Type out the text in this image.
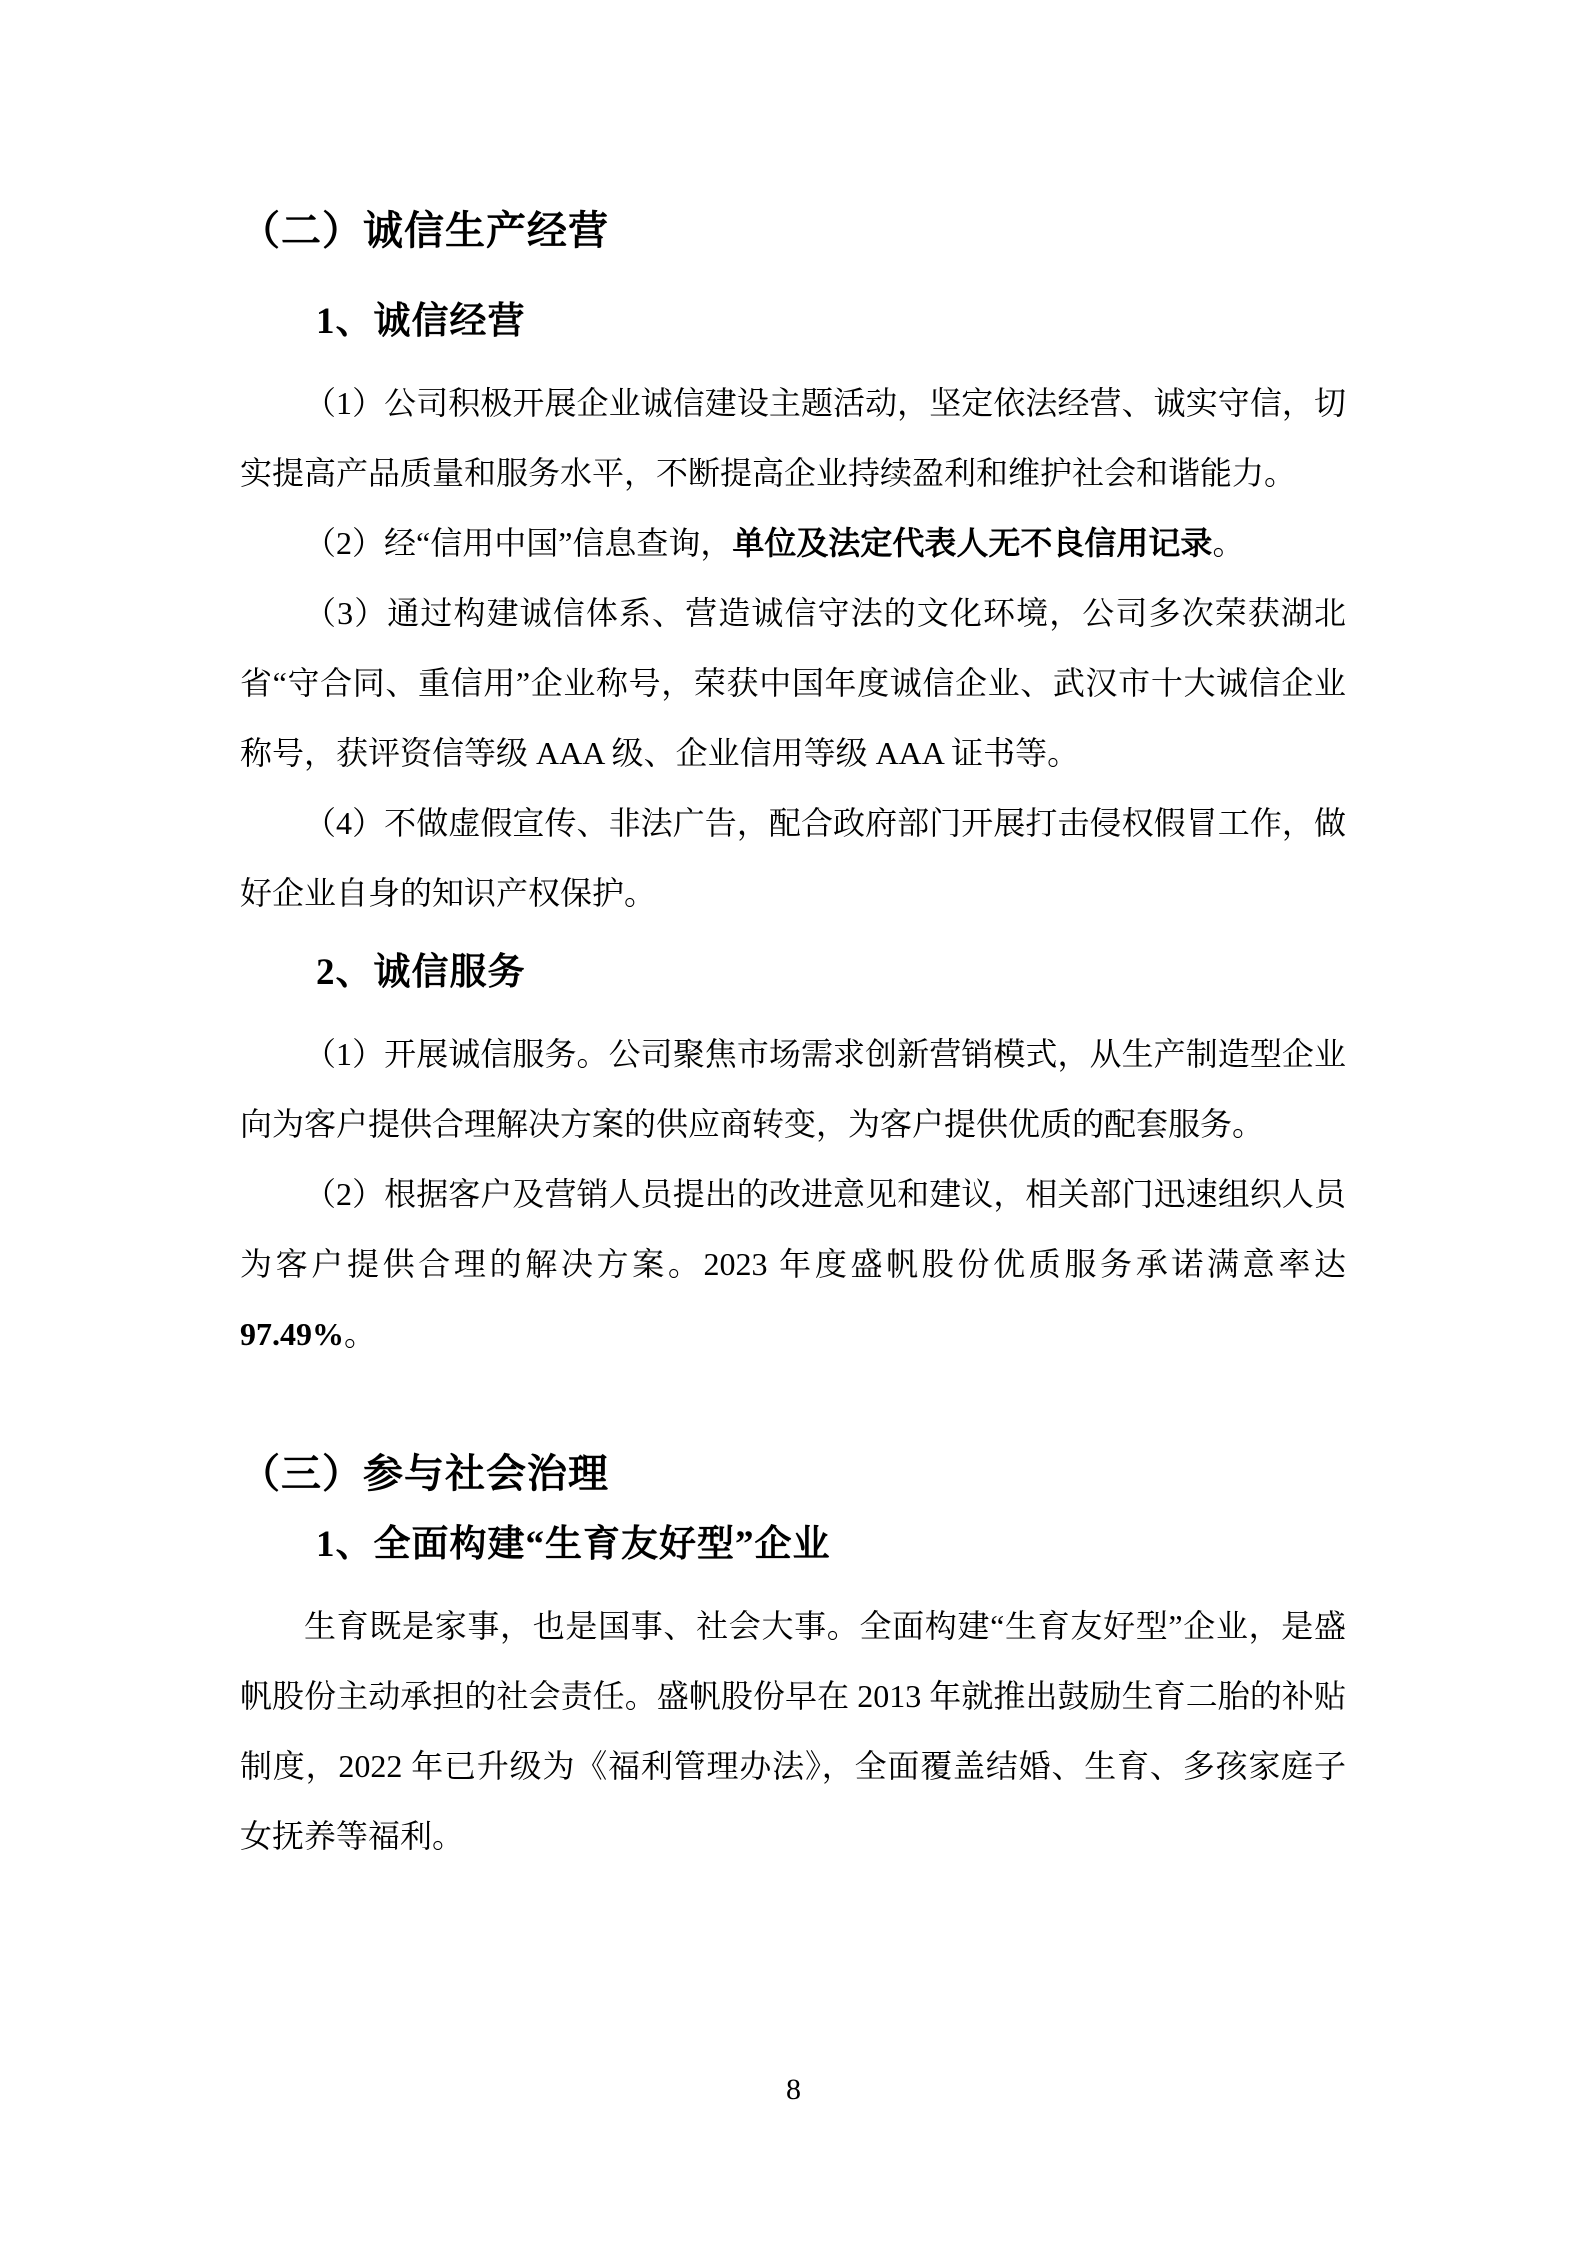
（二）诚信生产经营
1、诚信经营

（1）公司积极开展企业诚信建设主题活动，坚定依法经营、诚实守信，切实提高产品质量和服务水平，不断提高企业持续盈利和维护社会和谐能力。

（2）经“信用中国”信息查询，单位及法定代表人无不良信用记录。

（3）通过构建诚信体系、营造诚信守法的文化环境，公司多次荣获湖北省“守合同、重信用”企业称号，荣获中国年度诚信企业、武汉市十大诚信企业称号，获评资信等级 AAA 级、企业信用等级 AAA 证书等。

（4）不做虚假宣传、非法广告，配合政府部门开展打击侵权假冒工作，做好企业自身的知识产权保护。

2、诚信服务

（1）开展诚信服务。公司聚焦市场需求创新营销模式，从生产制造型企业向为客户提供合理解决方案的供应商转变，为客户提供优质的配套服务。

（2）根据客户及营销人员提出的改进意见和建议，相关部门迅速组织人员为客户提供合理的解决方案。2023 年度盛帆股份优质服务承诺满意率达97.49%。

（三）参与社会治理
1、全面构建“生育友好型”企业

生育既是家事，也是国事、社会大事。全面构建“生育友好型”企业，是盛帆股份主动承担的社会责任。盛帆股份早在 2013 年就推出鼓励生育二胎的补贴制度，2022 年已升级为《福利管理办法》，全面覆盖结婚、生育、多孩家庭子女抚养等福利。

8
